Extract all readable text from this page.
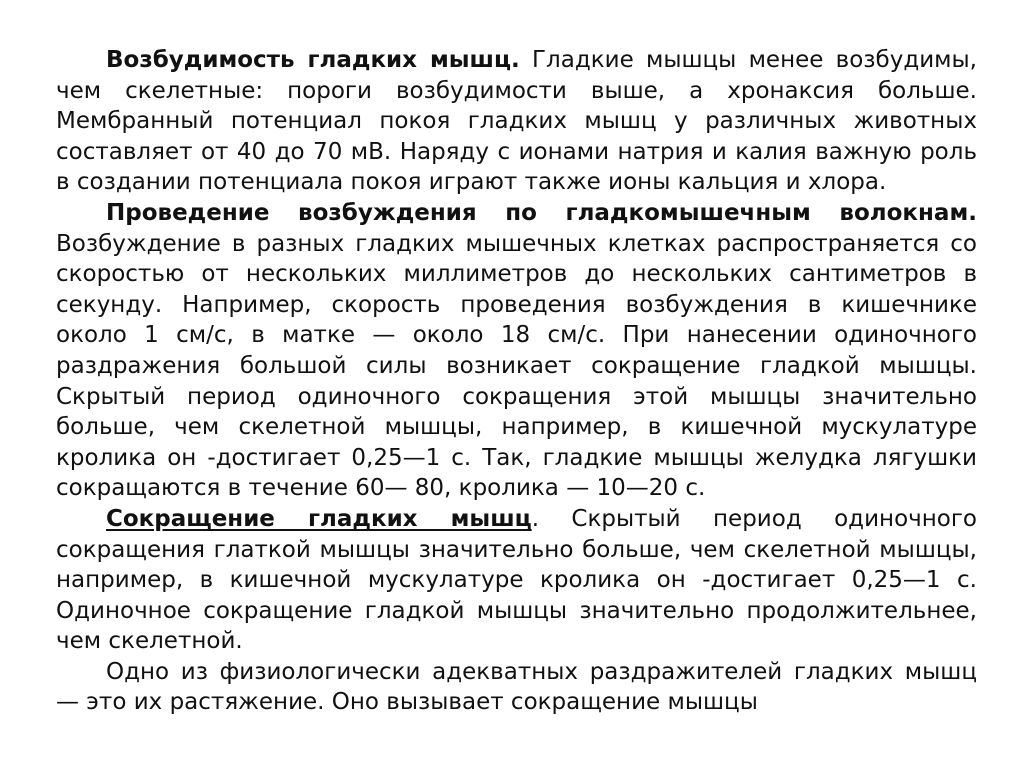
Возбудимость гладких мышц. Гладкие мышцы менее возбудимы, чем скелетные: пороги возбудимости выше, а хронаксия больше. Мембранный потенциал покоя гладких мышц у различных животных составляет от 40 до 70 мВ. Наряду с ионами натрия и калия важную роль в создании потенциала покоя играют также ионы кальция и хлора.

Проведение возбуждения по гладкомышечным волокнам. Возбуждение в разных гладких мышечных клетках распространяется со скоростью от нескольких миллиметров до нескольких сантиметров в секунду. Например, скорость проведения возбуждения в кишечнике около 1 см/с, в матке — около 18 см/с. При нанесении одиночного раздражения большой силы возникает сокращение гладкой мышцы. Скрытый период одиночного сокращения этой мышцы значительно больше, чем скелетной мышцы, например, в кишечной мускулатуре кролика он -достигает 0,25—1 с. Так, гладкие мышцы желудка лягушки сокращаются в течение 60— 80, кролика — 10—20 с.

Сокращение гладких мышц. Скрытый период одиночного сокращения глаткой мышцы значительно больше, чем скелетной мышцы, например, в кишечной мускулатуре кролика он -достигает 0,25—1 с. Одиночное сокращение гладкой мышцы значительно продолжительнее, чем скелетной.

Одно из физиологически адекватных раздражителей гладких мышц — это их растяжение. Оно вызывает сокращение мышцы
